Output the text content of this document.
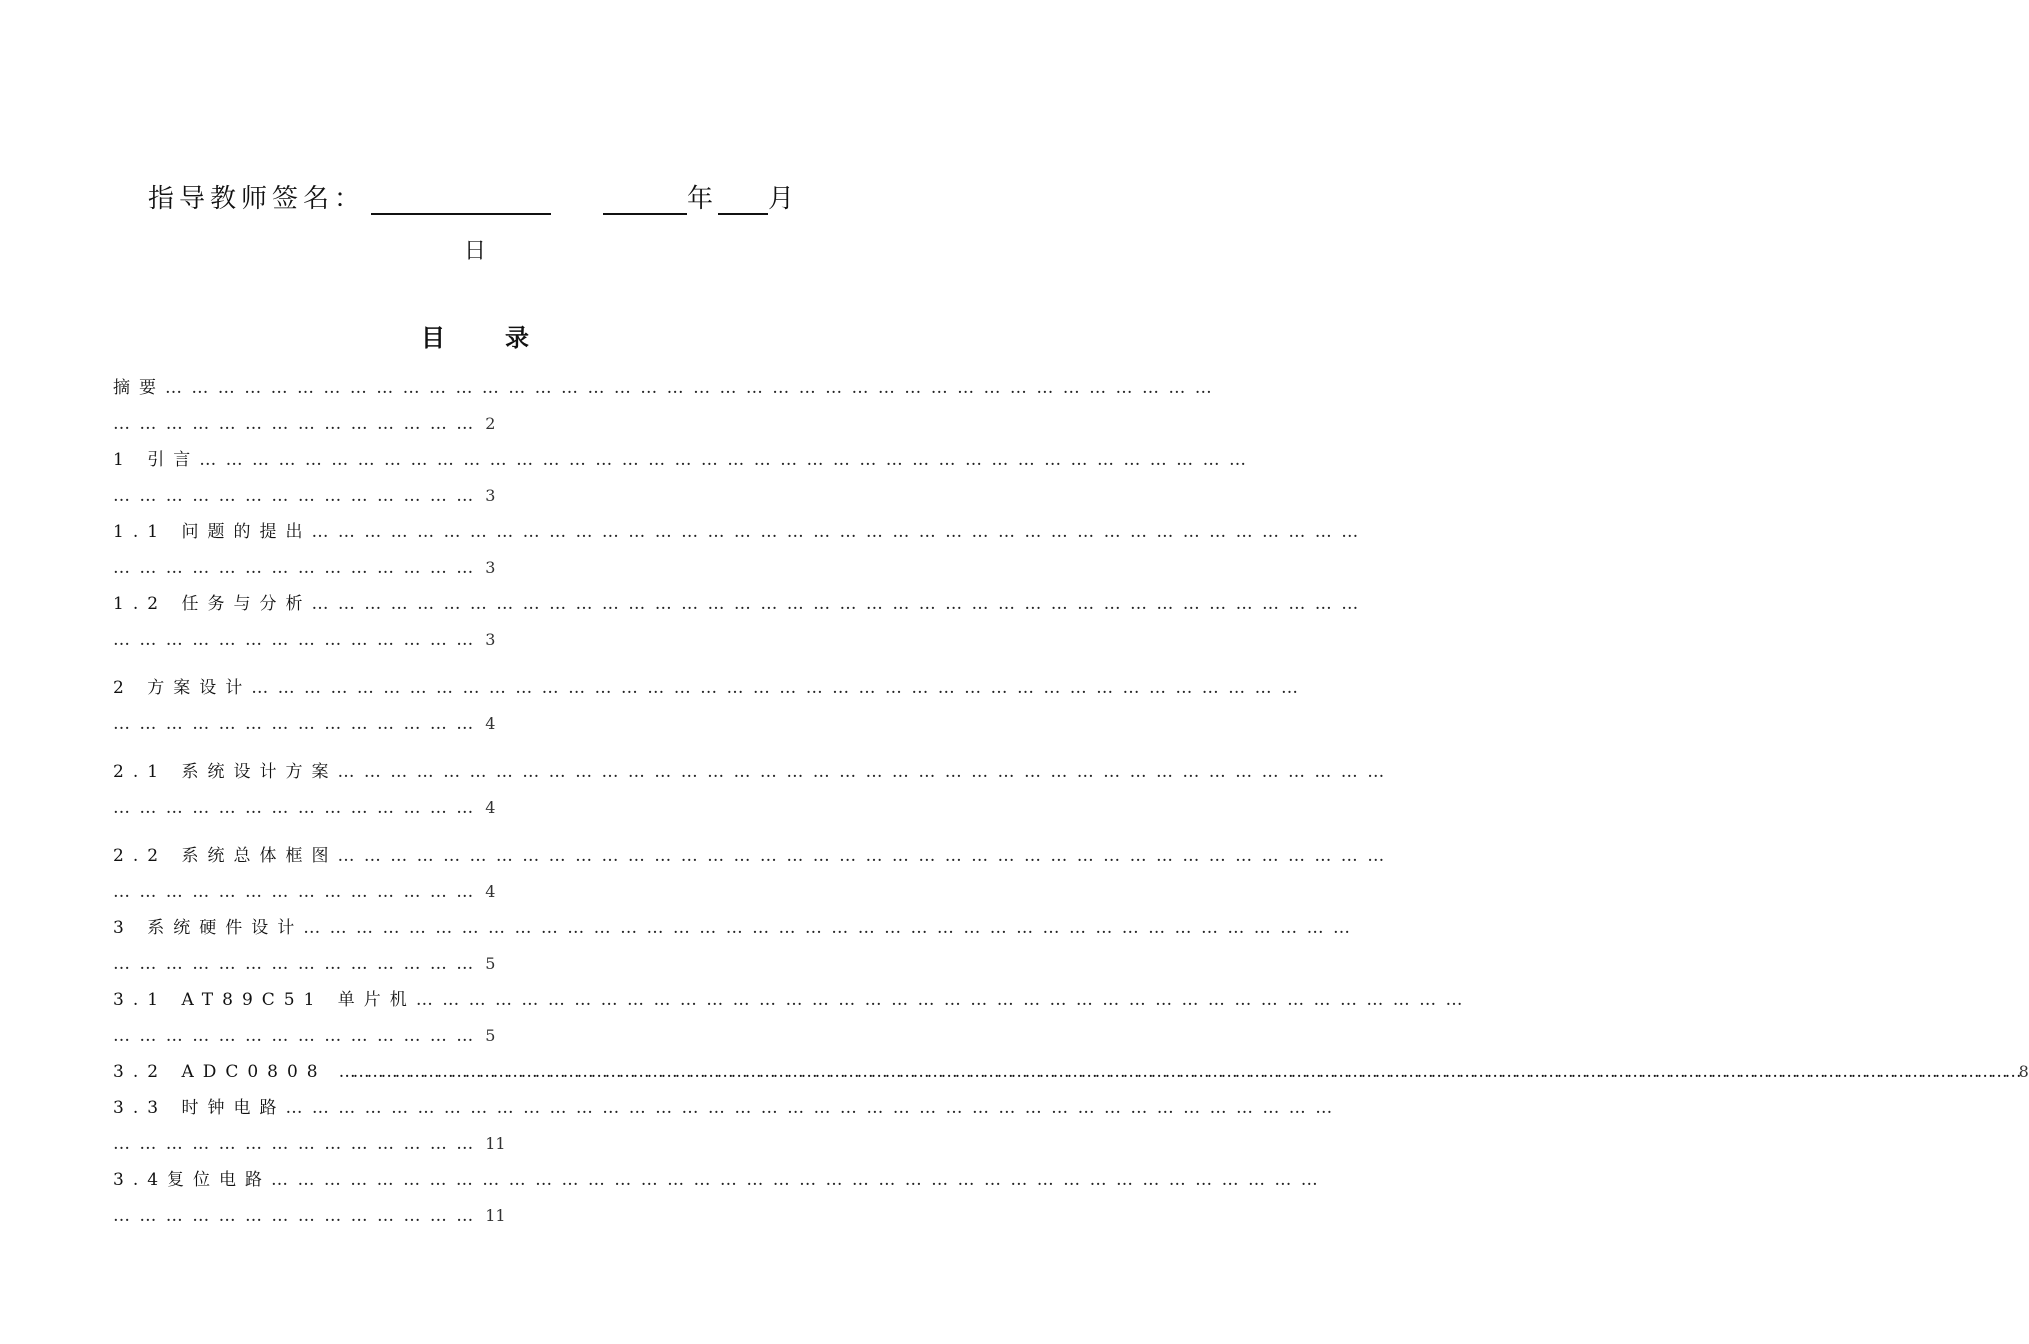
指导教师签名：	年 月
日
目录
摘要 … … … … … … … … … … … … … … … … … … … … … … … … … … … … … … … … … … … … … … … …
… … … … … … … … … … … … … … 2
1 引言 … … … … … … … … … … … … … … … … … … … … … … … … … … … … … … … … … … … … … … … …
… … … … … … … … … … … … … … 3
1.1 问题的提出 … … … … … … … … … … … … … … … … … … … … … … … … … … … … … … … … … … … … … … … …
… … … … … … … … … … … … … … 3
1.2 任务与分析 … … … … … … … … … … … … … … … … … … … … … … … … … … … … … … … … … … … … … … … …
… … … … … … … … … … … … … … 3
2 方案设计 … … … … … … … … … … … … … … … … … … … … … … … … … … … … … … … … … … … … … … … …
… … … … … … … … … … … … … … 4
2.1 系统设计方案 … … … … … … … … … … … … … … … … … … … … … … … … … … … … … … … … … … … … … … … …
… … … … … … … … … … … … … … 4
2.2 系统总体框图 … … … … … … … … … … … … … … … … … … … … … … … … … … … … … … … … … … … … … … … …
… … … … … … … … … … … … … … 4
3 系统硬件设计 … … … … … … … … … … … … … … … … … … … … … … … … … … … … … … … … … … … … … … … …
… … … … … … … … … … … … … … 5
3.1 AT89C51 单片机 … … … … … … … … … … … … … … … … … … … … … … … … … … … … … … … … … … … … … … … …
… … … … … … … … … … … … … … 5
3.2 ADC0808 ……………………………………………………………………………………………………………………………………………………………………………………………………………………………………………………………………………………………………………………………… 8
3.3 时钟电路 … … … … … … … … … … … … … … … … … … … … … … … … … … … … … … … … … … … … … … … …
… … … … … … … … … … … … … … 11
3.4复位电路 … … … … … … … … … … … … … … … … … … … … … … … … … … … … … … … … … … … … … … … …
… … … … … … … … … … … … … … 11
